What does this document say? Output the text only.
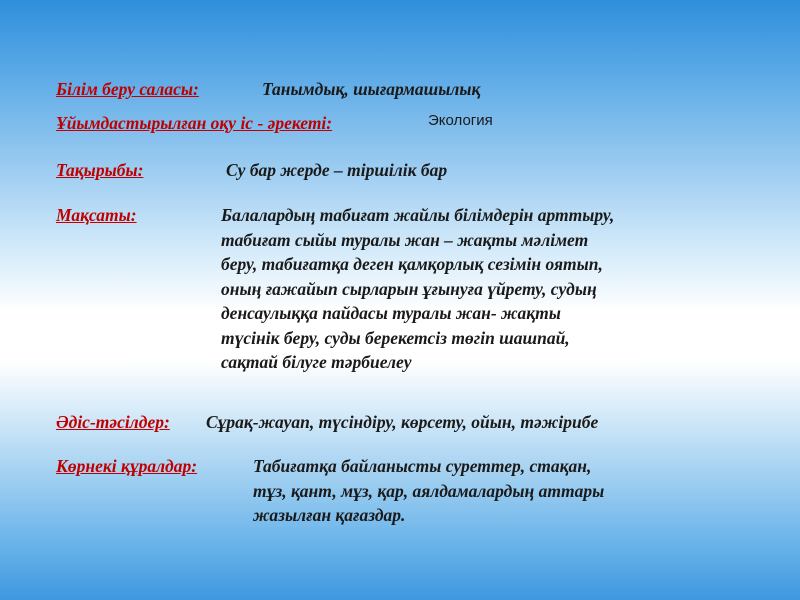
Білім беру саласы:	Танымдық, шығармашылық
Ұйымдастырылған оқу іс - әрекеті:	Экология
Тақырыбы:	Су бар жерде – тіршілік бар
Мақсаты:	Балалардың табиғат жайлы білімдерін арттыру,
табиғат сыйы туралы жан – жақты мәлімет
беру, табиғатқа деген қамқорлық сезімін оятып,
оның ғажайып сырларын ұғынуға үйрету, судың
денсаулыққа пайдасы туралы жан- жақты
түсінік беру, суды берекетсіз төгіп шашпай,
сақтай білуге тәрбиелеу
Әдіс-тәсілдер: Сұрақ-жауап, түсіндіру, көрсету, ойын, тәжірибе
Көрнекі құралдар:	Табиғатқа байланысты суреттер, стақан,
тұз, қант, мұз, қар, аялдамалардың аттары
жазылған қағаздар.
